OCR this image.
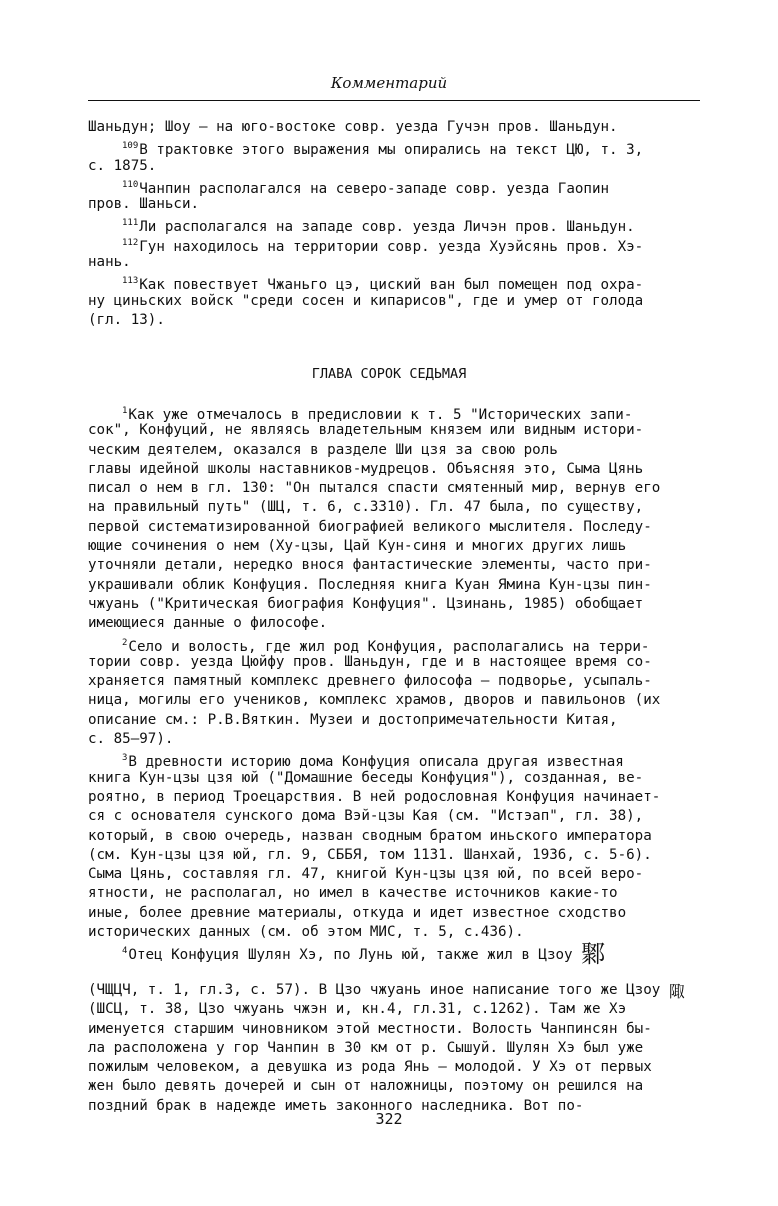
Комментарий
Шаньдун; Шоу — на юго-востоке совр. уезда Гучэн пров. Шаньдун.
$^{109}$В трактовке этого выражения мы опирались на текст ЦЮ, т. 3,
с. 1875.
$^{110}$Чанпин располагался на северо-западе совр. уезда Гаопин
пров. Шаньси.
$^{111}$Ли располагался на западе совр. уезда Личэн пров. Шаньдун.
$^{112}$Гун находилось на территории совр. уезда Хуэйсянь пров. Хэ-
нань.
$^{113}$Как повествует Чжаньго цэ, циский ван был помещен под охра-
ну циньских войск "среди сосен и кипарисов", где и умер от голода
(гл. 13).
ГЛАВА СОРОК СЕДЬМАЯ
$^1$Как уже отмечалось в предисловии к т. 5 "Исторических запи-
сок", Конфуций, не являясь владетельным князем или видным истори-
ческим деятелем, оказался в разделе Ши цзя за свою роль
главы идейной школы наставников-мудрецов. Объясняя это, Сыма Цянь
писал о нем в гл. 130: "Он пытался спасти смятенный мир, вернув его
на правильный путь" (ШЦ, т. 6, с.3310). Гл. 47 была, по существу,
первой систематизированной биографией великого мыслителя. Последу-
ющие сочинения о нем (Ху-цзы, Цай Кун-синя и многих других лишь
уточняли детали, нередко внося фантастические элементы, часто при-
украшивали облик Конфуция. Последняя книга Куан Ямина Кун-цзы пин-
чжуань ("Критическая биография Конфуция". Цзинань, 1985) обобщает
имеющиеся данные о философе.
$^2$Село и волость, где жил род Конфуция, располагались на терри-
тории совр. уезда Цюйфу пров. Шаньдун, где и в настоящее время со-
храняется памятный комплекс древнего философа — подворье, усыпаль-
ница, могилы его учеников, комплекс храмов, дворов и павильонов (их
описание см.: Р.В.Вяткин. Музеи и достопримечательности Китая,
с. 85—97).
$^3$В древности историю дома Конфуция описала другая известная
книга Кун-цзы цзя юй ("Домашние беседы Конфуция"), созданная, ве-
роятно, в период Троецарствия. В ней родословная Конфуция начинает-
ся с основателя сунского дома Вэй-цзы Кая (см. "Истэап", гл. 38),
который, в свою очередь, назван сводным братом иньского императора
(см. Кун-цзы цзя юй, гл. 9, СББЯ, том 1131. Шанхай, 1936, с. 5-6).
Сыма Цянь, составляя гл. 47, книгой Кун-цзы цзя юй, по всей веро-
ятности, не располагал, но имел в качестве источников какие-то
иные, более древние материалы, откуда и идет известное сходство
исторических данных (см. об этом МИС, т. 5, с.436).
$^4$Отец Конфуция Шулян Хэ, по Лунь юй, также жил в Цзоу 鄹
(ЧЩЦЧ, т. 1, гл.3, с. 57). В Цзо чжуань иное написание того же Цзоу 陬
(ШСЦ, т. 38, Цзо чжуань чжэн и, кн.4, гл.31, с.1262). Там же Хэ
именуется старшим чиновником этой местности. Волость Чанпинсян бы-
ла расположена у гор Чанпин в 30 км от р. Сышуй. Шулян Хэ был уже
пожилым человеком, а девушка из рода Янь — молодой. У Хэ от первых
жен было девять дочерей и сын от наложницы, поэтому он решился на
поздний брак в надежде иметь законного наследника. Вот по-
322
